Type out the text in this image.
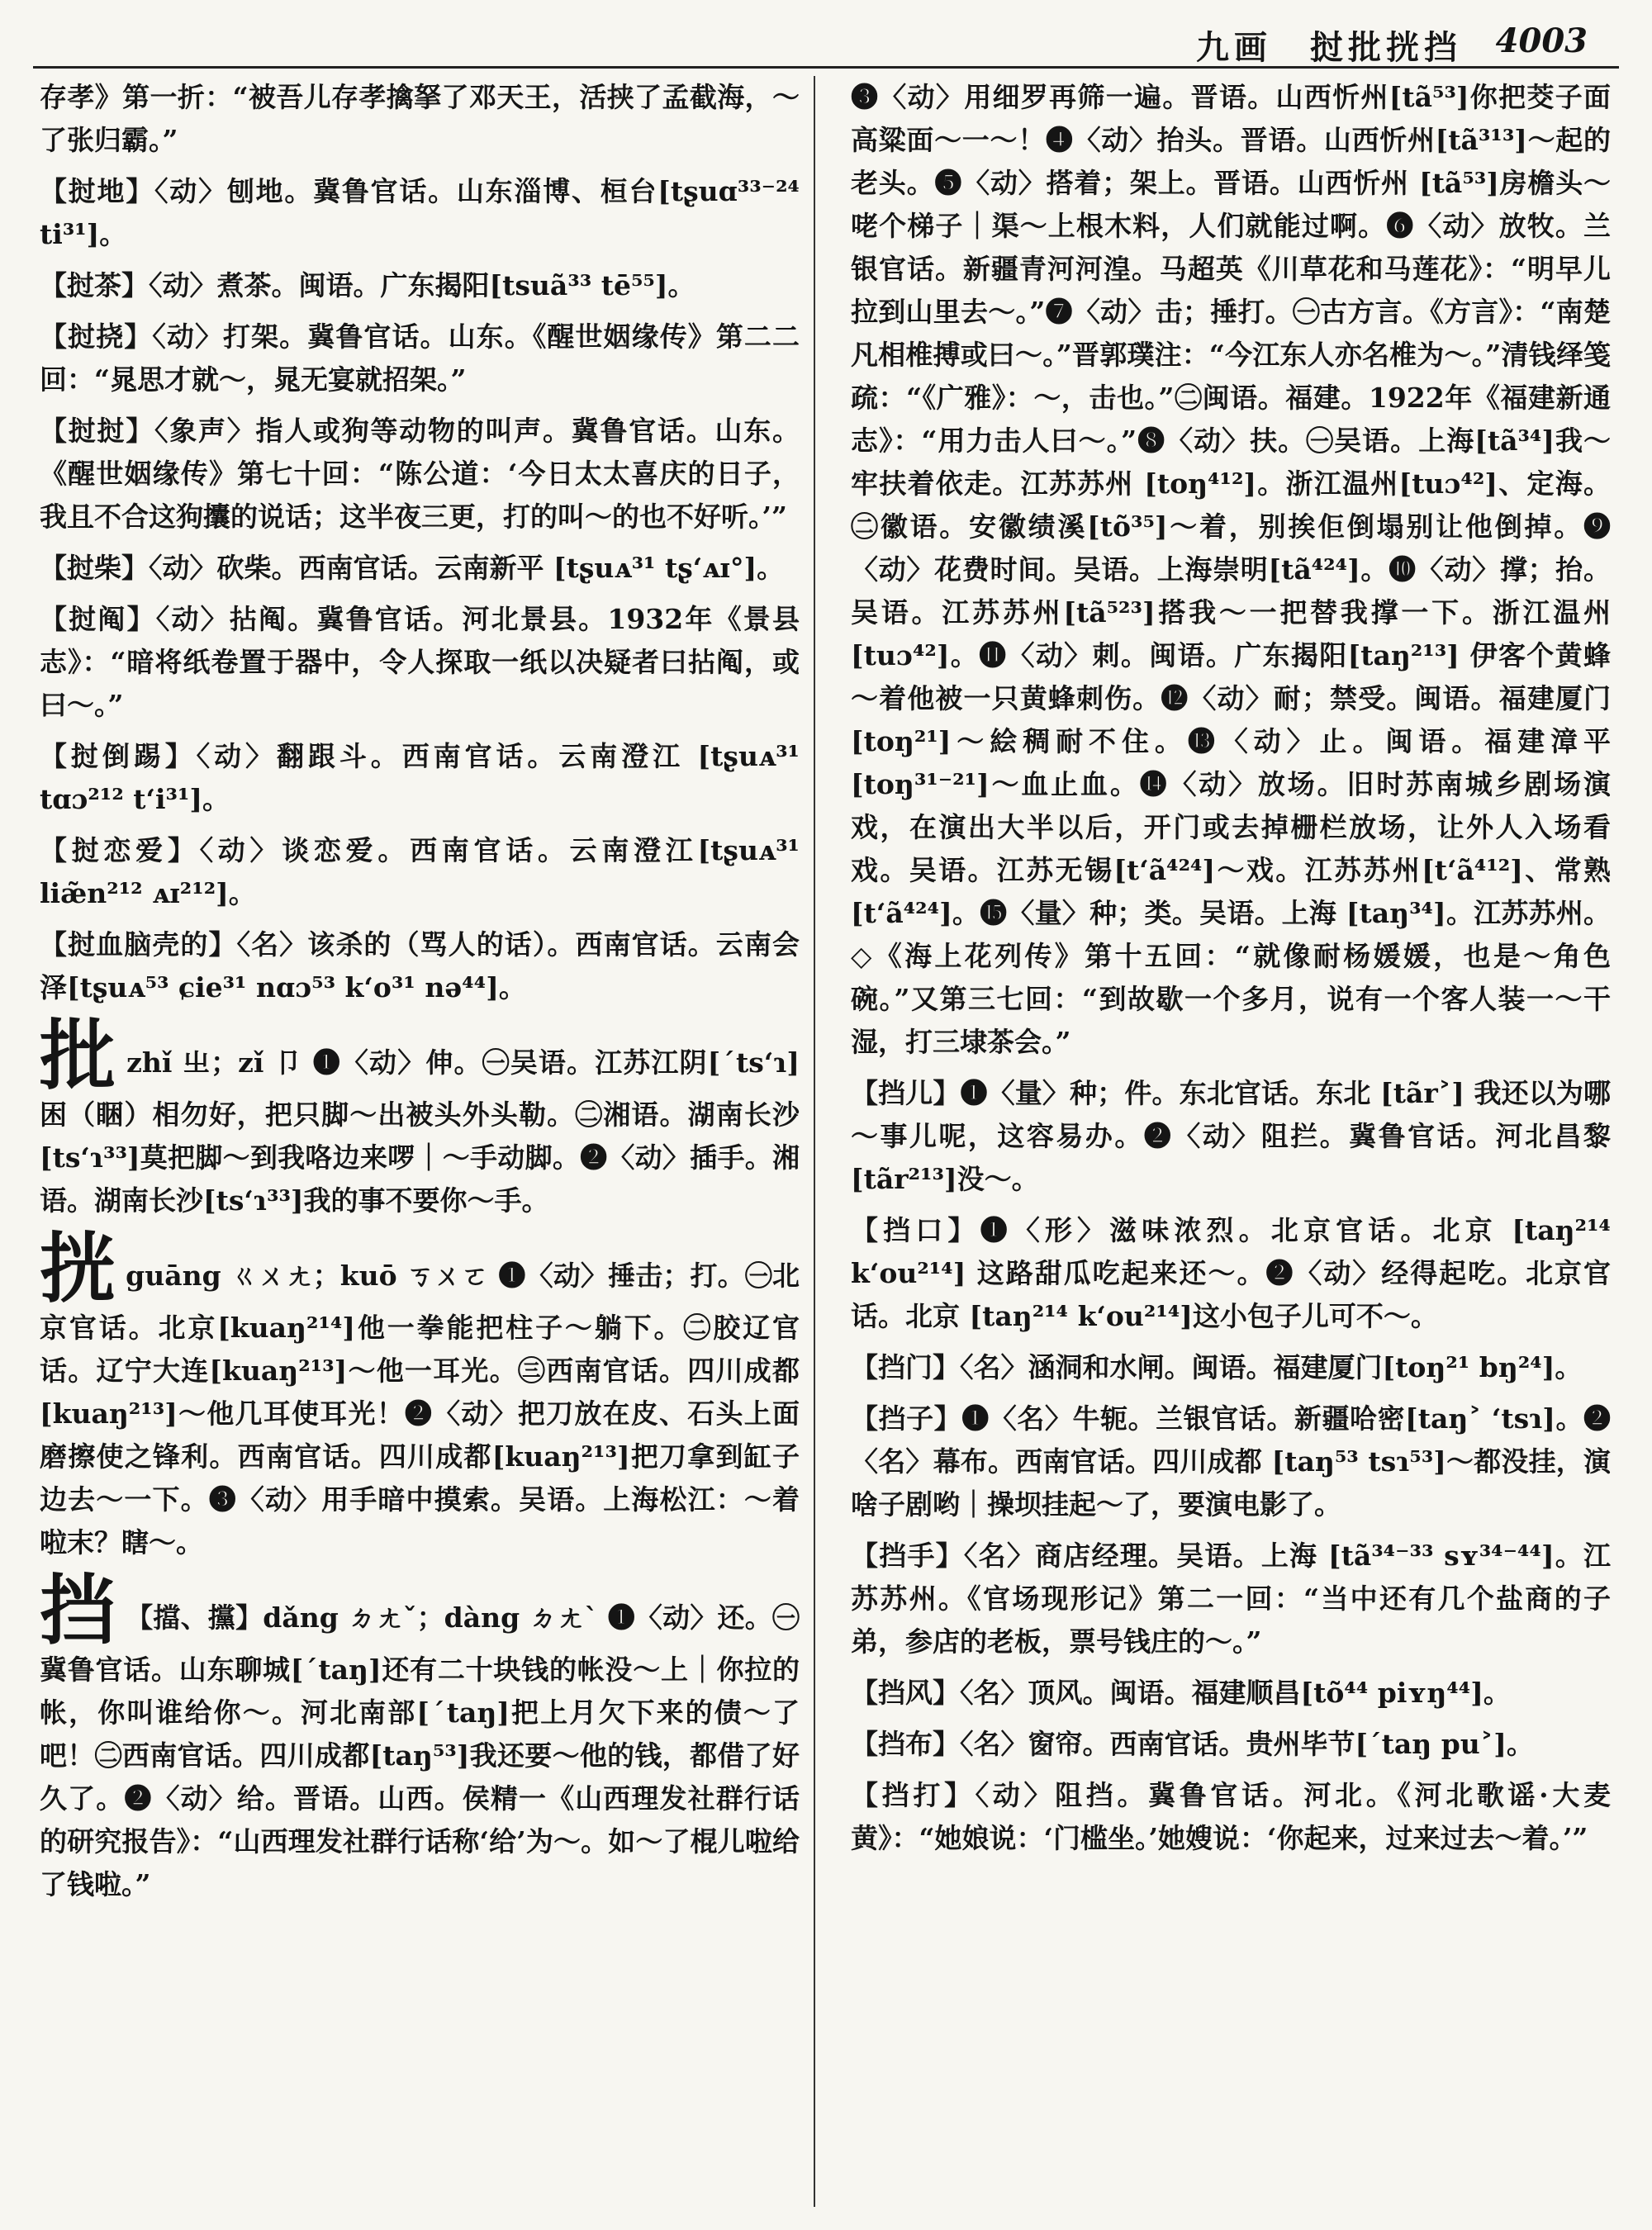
九画　挝批挄挡 4003

存孝》第一折：“被吾儿存孝擒拏了邓天王，活挟了孟截海，～了张归霸。”

【挝地】〈动〉刨地。冀鲁官话。山东淄博、桓台[tʂuɑ³³⁻²⁴ ti³¹]。

【挝茶】〈动〉煮茶。闽语。广东揭阳[tsuã³³ tē⁵⁵]。

【挝挠】〈动〉打架。冀鲁官话。山东。《醒世姻缘传》第二二回：“晁思才就～，晁无宴就招架。”

【挝挝】〈象声〉指人或狗等动物的叫声。冀鲁官话。山东。《醒世姻缘传》第七十回：“陈公道：‘今日太太喜庆的日子，我且不合这狗攮的说话；这半夜三更，打的叫～的也不好听。’”

【挝柴】〈动〉砍柴。西南官话。云南新平 [tʂuᴀ³¹ tʂ‘ᴀɪ°]。

【挝阄】〈动〉拈阄。冀鲁官话。河北景县。1932年《景县志》：“暗将纸卷置于器中，令人探取一纸以决疑者曰拈阄，或曰～。”

【挝倒踢】〈动〉翻跟斗。西南官话。云南澄江 [tʂuᴀ³¹ tɑɔ²¹² t‘i³¹]。

【挝恋爱】〈动〉谈恋爱。西南官话。云南澄江[tʂuᴀ³¹ liæ̃n²¹² ᴀɪ²¹²]。

【挝血脑壳的】〈名〉该杀的（骂人的话）。西南官话。云南会泽[tʂuᴀ⁵³ ɕie³¹ nɑɔ⁵³ k‘o³¹ nə⁴⁴]。

批zhǐ 㞢；zǐ 卩 ❶〈动〉伸。㊀吴语。江苏江阴[ˊts‘ɿ] 困（睏）相勿好，把只脚～出被头外头勒。㊁湘语。湖南长沙 [ts‘ɿ³³]莫把脚～到我咯边来啰｜～手动脚。❷〈动〉插手。湘语。湖南长沙[ts‘ɿ³³]我的事不要你～手。

挄guāng ㄍㄨㄤ；kuō ㄎㄨㄛ ❶〈动〉捶击；打。㊀北京官话。北京[kuaŋ²¹⁴]他一拳能把柱子～躺下。㊁胶辽官话。辽宁大连[kuaŋ²¹³]～他一耳光。㊂西南官话。四川成都[kuaŋ²¹³]～他几耳使耳光！❷〈动〉把刀放在皮、石头上面磨擦使之锋利。西南官话。四川成都[kuaŋ²¹³]把刀拿到缸子边去～一下。❸〈动〉用手暗中摸索。吴语。上海松江：～着啦末？瞎～。

挡 【擋、攩】dǎng ㄉㄤˇ；dàng ㄉㄤˋ ❶〈动〉还。㊀冀鲁官话。山东聊城[ˊtaŋ]还有二十块钱的帐没～上｜你拉的帐，你叫谁给你～。河北南部[ˊtaŋ]把上月欠下来的债～了吧！㊁西南官话。四川成都[taŋ⁵³]我还要～他的钱，都借了好久了。❷〈动〉给。晋语。山西。侯精一《山西理发社群行话的研究报告》：“山西理发社群行话称‘给’为～。如～了棍儿啦给了钱啦。”

❸〈动〉用细罗再筛一遍。晋语。山西忻州[tã⁵³]你把茭子面高粱面～一～！❹〈动〉抬头。晋语。山西忻州[tã³¹³]～起的老头。❺〈动〉搭着；架上。晋语。山西忻州 [tã⁵³]房檐头～咾个梯子｜渠～上根木料，人们就能过啊。❻〈动〉放牧。兰银官话。新疆青河河湟。马超英《川草花和马莲花》：“明早儿拉到山里去～。”❼〈动〉击；捶打。㊀古方言。《方言》：“南楚凡相椎搏或曰～。”晋郭璞注：“今江东人亦名椎为～。”清钱绎笺疏：“《广雅》：～，击也。”㊁闽语。福建。1922年《福建新通志》：“用力击人曰～。”❽〈动〉扶。㊀吴语。上海[tã³⁴]我～牢扶着依走。江苏苏州 [toŋ⁴¹²]。浙江温州[tuɔ⁴²]、定海。㊁徽语。安徽绩溪[tõ³⁵]～着，别挨佢倒塌别让他倒掉。❾〈动〉花费时间。吴语。上海崇明[tã⁴²⁴]。❿〈动〉撑；抬。吴语。江苏苏州[tã⁵²³]搭我～一把替我撑一下。浙江温州 [tuɔ⁴²]。⓫〈动〉刺。闽语。广东揭阳[taŋ²¹³] 伊客个黄蜂～着他被一只黄蜂刺伤。⓬〈动〉耐；禁受。闽语。福建厦门 [toŋ²¹]～絵稠耐不住。⓭〈动〉止。闽语。福建漳平 [toŋ³¹⁻²¹]～血止血。⓮〈动〉放场。旧时苏南城乡剧场演戏，在演出大半以后，开门或去掉栅栏放场，让外人入场看戏。吴语。江苏无锡[t‘ã⁴²⁴]～戏。江苏苏州[t‘ã⁴¹²]、常熟[t‘ã⁴²⁴]。⓯〈量〉种；类。吴语。上海 [taŋ³⁴]。江苏苏州。◇《海上花列传》第十五回：“就像耐杨媛媛，也是～角色碗。”又第三七回：“到故歇一个多月，说有一个客人装一～干湿，打三埭茶会。”

【挡儿】❶〈量〉种；件。东北官话。东北 [tãr˃] 我还以为哪～事儿呢，这容易办。❷〈动〉阻拦。冀鲁官话。河北昌黎[tãr²¹³]没～。

【挡口】❶〈形〉滋味浓烈。北京官话。北京 [taŋ²¹⁴ k‘ou²¹⁴] 这路甜瓜吃起来还～。❷〈动〉经得起吃。北京官话。北京 [taŋ²¹⁴ k‘ou²¹⁴]这小包子儿可不～。

【挡门】〈名〉涵洞和水闸。闽语。福建厦门[toŋ²¹ bŋ²⁴]。

【挡子】❶〈名〉牛轭。兰银官话。新疆哈密[taŋ˃ ‘tsɿ]。❷〈名〉幕布。西南官话。四川成都 [taŋ⁵³ tsɿ⁵³]～都没挂，演啥子剧哟｜操坝挂起～了，要演电影了。

【挡手】〈名〉商店经理。吴语。上海 [tã³⁴⁻³³ sʏ³⁴⁻⁴⁴]。江苏苏州。《官场现形记》第二一回：“当中还有几个盐商的子弟，参店的老板，票号钱庄的～。”

【挡风】〈名〉顶风。闽语。福建顺昌[tõ⁴⁴ piʏŋ⁴⁴]。

【挡布】〈名〉窗帘。西南官话。贵州毕节[ˊtaŋ pu˃]。

【挡打】〈动〉阻挡。冀鲁官话。河北。《河北歌谣·大麦黄》：“她娘说：‘门槛坐。’她嫂说：‘你起来，过来过去～着。’”
